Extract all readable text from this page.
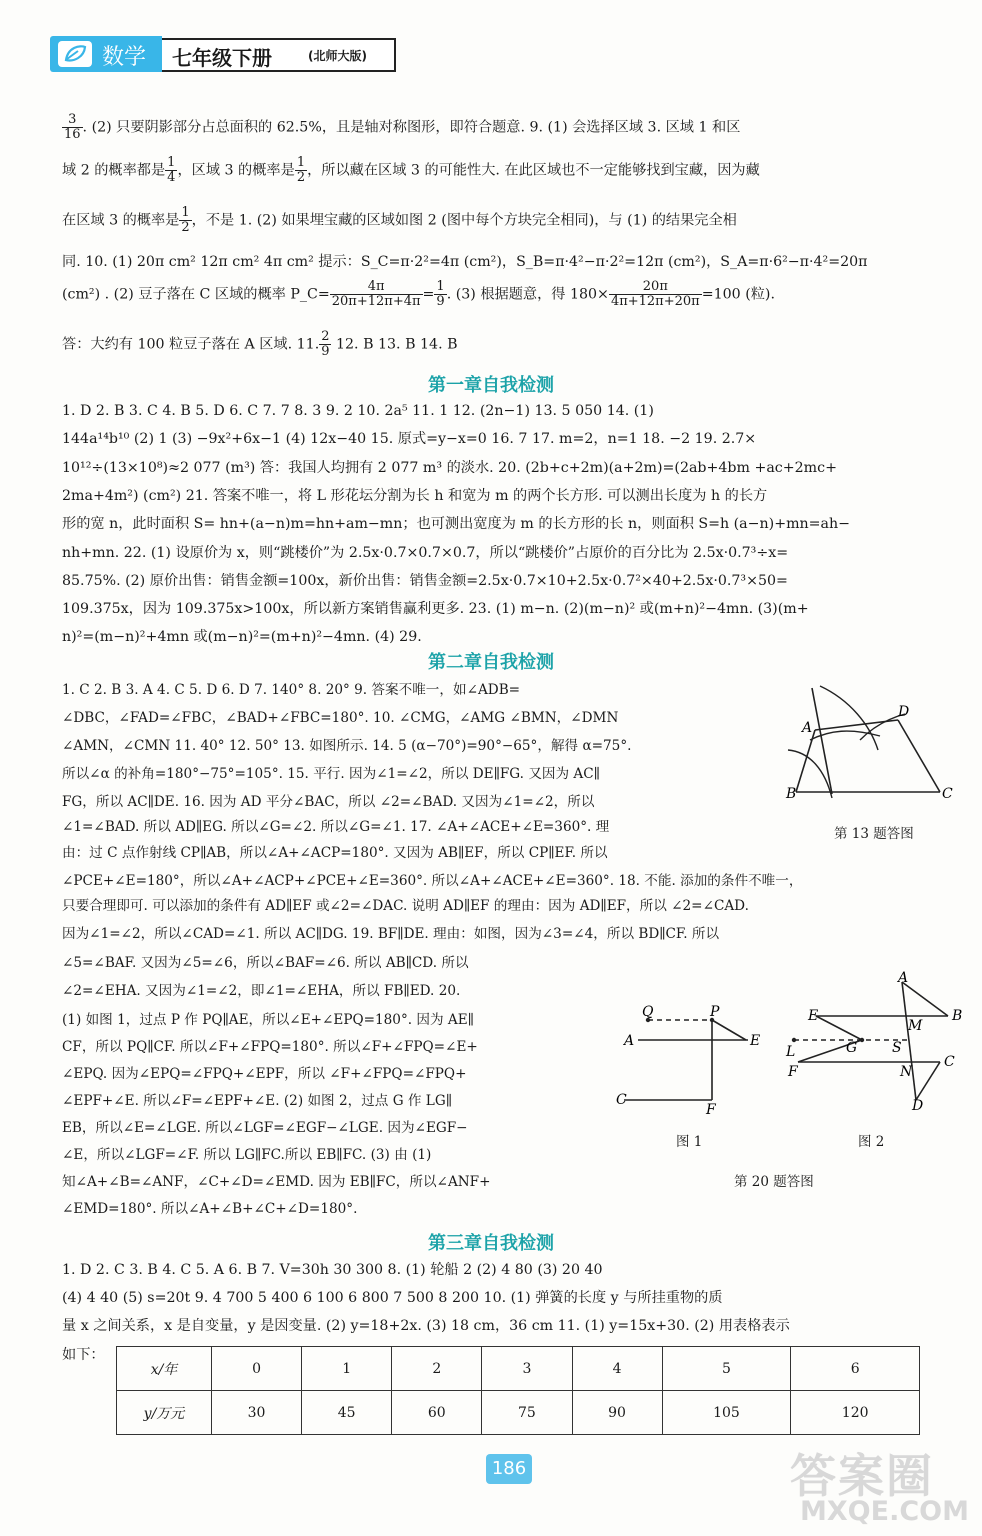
数学 七年级下册	(北师大版)
$\frac{3}{16}$ . (2) 只要阴影部分占总面积的 62.5%，且是轴对称图形，即符合题意. 9. (1) 会选择区域 3. 区域 1 和区
域 2 的概率都是 $\frac{1}{4}$ ，区域 3 的概率是 $\frac{1}{2}$ ，所以藏在区域 3 的可能性大. 在此区域也不一定能够找到宝藏，因为藏
在区域 3 的概率是 $\frac{1}{2}$ ，不是 1. (2) 如果埋宝藏的区域如图 2 (图中每个方块完全相同)，与 (1) 的结果完全相
同. 10. (1) 20π cm² 12π cm² 4π cm² 提示：S_C=π·2²=4π (cm²)，S_B=π·4²−π·2²=12π (cm²)，S_A=π·6²−π·4²=20π
(cm²) . (2) 豆子落在 C 区域的概率 P_C= $\frac{4\pi}{20\pi+12\pi+4\pi} = \frac{1}{9}$ . (3) 根据题意，得 $180\times \frac{20\pi}{4\pi+12\pi+20\pi} =100$ (粒).
答：大约有 100 粒豆子落在 A 区域. 11. $\frac{2}{9} 12$. B 13. B 14. B
第一章自我检测
1. D 2. B 3. C 4. B 5. D 6. C 7. 7 8. 3 9. 2 10. 2a⁵ 11. 1 12. (2n−1) 13. 5 050 14. (1)
144a¹⁴b¹⁰ (2) 1 (3) −9x²+6x−1 (4) 12x−40 15. 原式=y−x=0 16. 7 17. m=2，n=1 18. −2 19. 2.7×
10¹²÷(13×10⁸)≈2 077 (m³) 答：我国人均拥有 2 077 m³ 的淡水. 20. (2b+c+2m)(a+2m)=(2ab+4bm +ac+2mc+
2ma+4m²) (cm²) 21. 答案不唯一，将 L 形花坛分割为长 h 和宽为 m 的两个长方形. 可以测出长度为 h 的长方
形的宽 n，此时面积 S= hn+(a−n)m=hn+am−mn；也可测出宽度为 m 的长方形的长 n，则面积 S=h (a−n)+mn=ah−
nh+mn. 22. (1) 设原价为 x，则“跳楼价”为 2.5x·0.7×0.7×0.7，所以“跳楼价”占原价的百分比为 2.5x·0.7³÷x=
85.75%. (2) 原价出售：销售金额=100x，新价出售：销售金额=2.5x·0.7×10+2.5x·0.7²×40+2.5x·0.7³×50=
109.375x，因为 109.375x>100x，所以新方案销售赢利更多. 23. (1) m−n. (2)(m−n)² 或(m+n)²−4mn. (3)(m+
n)²=(m−n)²+4mn 或(m−n)²=(m+n)²−4mn. (4) 29.
第二章自我检测
1. C 2. B 3. A 4. C 5. D 6. D 7. 140° 8. 20° 9. 答案不唯一，如∠ADB=
∠DBC，∠FAD=∠FBC，∠BAD+∠FBC=180°. 10. ∠CMG，∠AMG ∠BMN，∠DMN
∠AMN，∠CMN 11. 40° 12. 50° 13. 如图所示. 14. 5 (α−70°)=90°−65°，解得 α=75°.
所以∠α 的补角=180°−75°=105°. 15. 平行. 因为∠1=∠2，所以 DE∥FG. 又因为 AC∥
FG，所以 AC∥DE. 16. 因为 AD 平分∠BAC，所以 ∠2=∠BAD. 又因为∠1=∠2，所以
∠1=∠BAD. 所以 AD∥EG. 所以∠G=∠2. 所以∠G=∠1. 17. ∠A+∠ACE+∠E=360°. 理
由：过 C 点作射线 CP∥AB，所以∠A+∠ACP=180°. 又因为 AB∥EF，所以 CP∥EF. 所以
A
D
B	C
第 13 题答图
∠PCE+∠E=180°，所以∠A+∠ACP+∠PCE+∠E=360°. 所以∠A+∠ACE+∠E=360°. 18. 不能. 添加的条件不唯一，
只要合理即可. 可以添加的条件有 AD∥EF 或∠2=∠DAC. 说明 AD∥EF 的理由：因为 AD∥EF，所以 ∠2=∠CAD.
因为∠1=∠2，所以∠CAD=∠1. 所以 AC∥DG. 19. BF∥DE. 理由：如图，因为∠3=∠4，所以 BD∥CF. 所以
∠5=∠BAF. 又因为∠5=∠6，所以∠BAF=∠6. 所以 AB∥CD. 所以
∠2=∠EHA. 又因为∠1=∠2，即∠1=∠EHA，所以 FB∥ED. 20.
(1) 如图 1，过点 P 作 PQ∥AE，所以∠E+∠EPQ=180°. 因为 AE∥
CF，所以 PQ∥CF. 所以∠F+∠FPQ=180°. 所以∠F+∠FPQ=∠E+
∠EPQ. 因为∠EPQ=∠FPQ+∠EPF，所以 ∠F+∠FPQ=∠FPQ+
∠EPF+∠E. 所以∠F=∠EPF+∠E. (2) 如图 2，过点 G 作 LG∥
EB，所以∠E=∠LGE. 所以∠LGF=∠EGF−∠LGE. 因为∠EGF−
∠E，所以∠LGF=∠F. 所以 LG∥FC.所以 EB∥FC. (3) 由 (1)
知∠A+∠B=∠ANF，∠C+∠D=∠EMD. 因为 EB∥FC，所以∠ANF+
∠EMD=180°. 所以∠A+∠B+∠C+∠D=180°.
Q	P
A	E
C
F
图 1
A
E
M
B
L	G S
C
F	N
D
图 2
第 20 题答图
第三章自我检测
1. D 2. C 3. B 4. C 5. A 6. B 7. V=30h 30 300 8. (1) 轮船 2 (2) 4 80 (3) 20 40
(4) 4 40 (5) s=20t 9. 4 700 5 400 6 100 6 800 7 500 8 200 10. (1) 弹簧的长度 y 与所挂重物的质
量 x 之间关系，x 是自变量，y 是因变量. (2) y=18+2x. (3) 18 cm，36 cm 11. (1) y=15x+30. (2) 用表格表示
如下：
x/年	0	1	2	3	4	5	6
y/万元	30	45	60	75	90	105	120
186	答案圈
MXQE.COM
